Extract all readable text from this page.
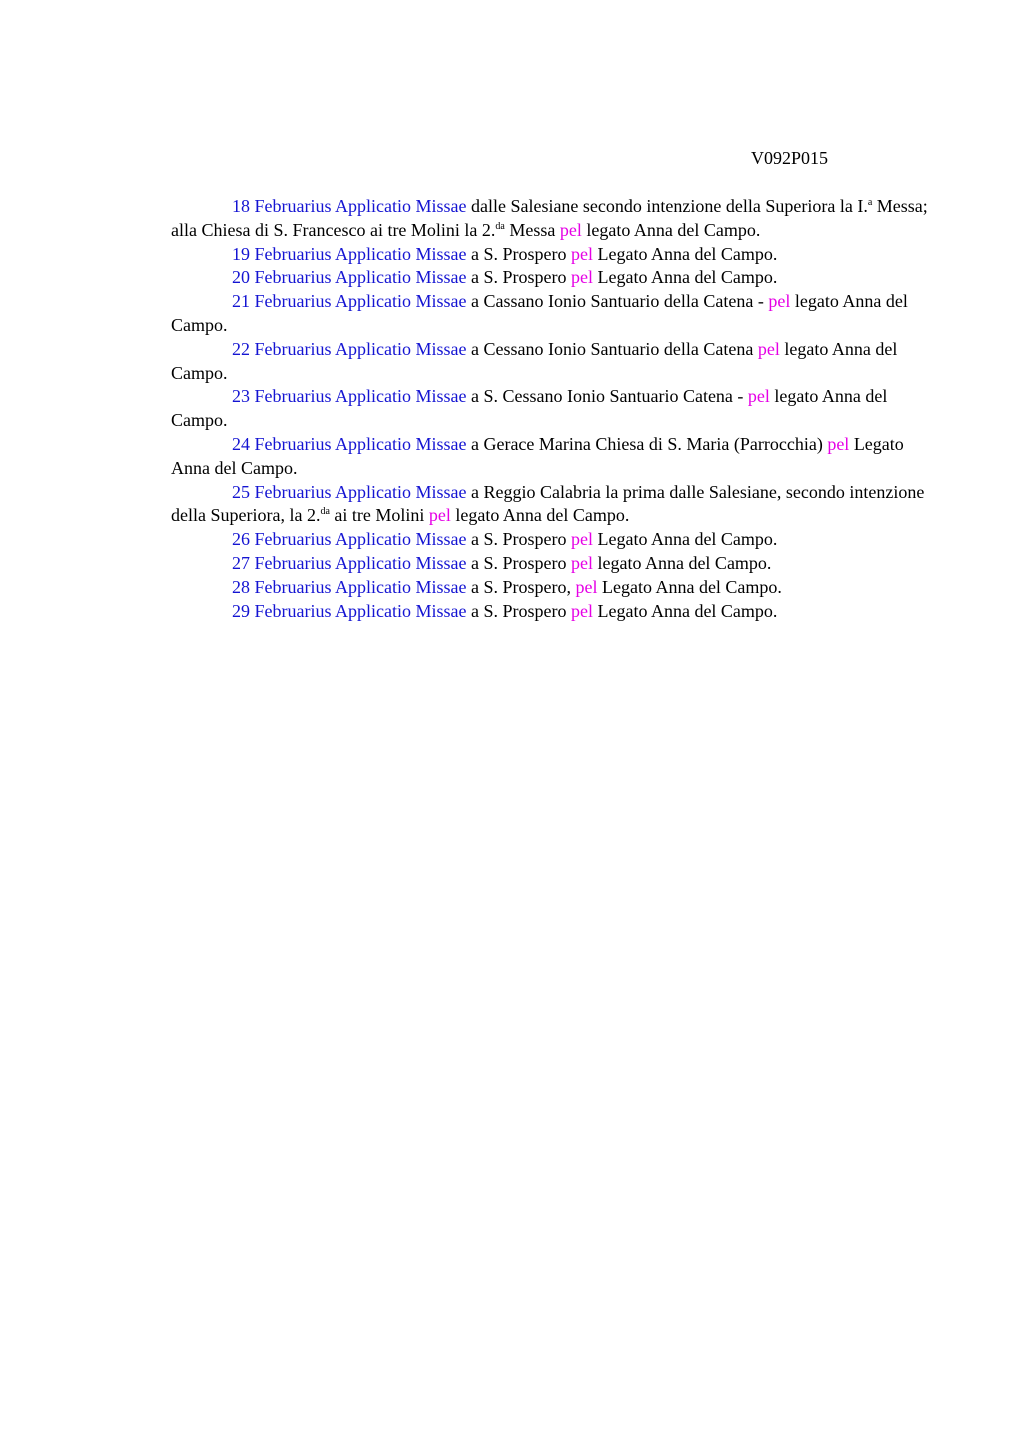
V092P015

18 Februarius Applicatio Missae dalle Salesiane secondo intenzione della Superiora la I.$^a$ Messa; alla Chiesa di S. Francesco ai tre Molini la 2.$^{da}$ Messa pel legato Anna del Campo.

19 Februarius Applicatio Missae a S. Prospero pel Legato Anna del Campo.

20 Februarius Applicatio Missae a S. Prospero pel Legato Anna del Campo.

21 Februarius Applicatio Missae a Cassano Ionio Santuario della Catena - pel legato Anna del Campo.

22 Februarius Applicatio Missae a Cessano Ionio Santuario della Catena pel legato Anna del Campo.

23 Februarius Applicatio Missae a S. Cessano Ionio Santuario Catena - pel legato Anna del Campo.

24 Februarius Applicatio Missae a Gerace Marina Chiesa di S. Maria (Parrocchia) pel Legato Anna del Campo.

25 Februarius Applicatio Missae a Reggio Calabria la prima dalle Salesiane, secondo intenzione della Superiora, la 2.$^{da}$ ai tre Molini pel legato Anna del Campo.

26 Februarius Applicatio Missae a S. Prospero pel Legato Anna del Campo.

27 Februarius Applicatio Missae a S. Prospero pel legato Anna del Campo.

28 Februarius Applicatio Missae a S. Prospero, pel Legato Anna del Campo.

29 Februarius Applicatio Missae a S. Prospero pel Legato Anna del Campo.
